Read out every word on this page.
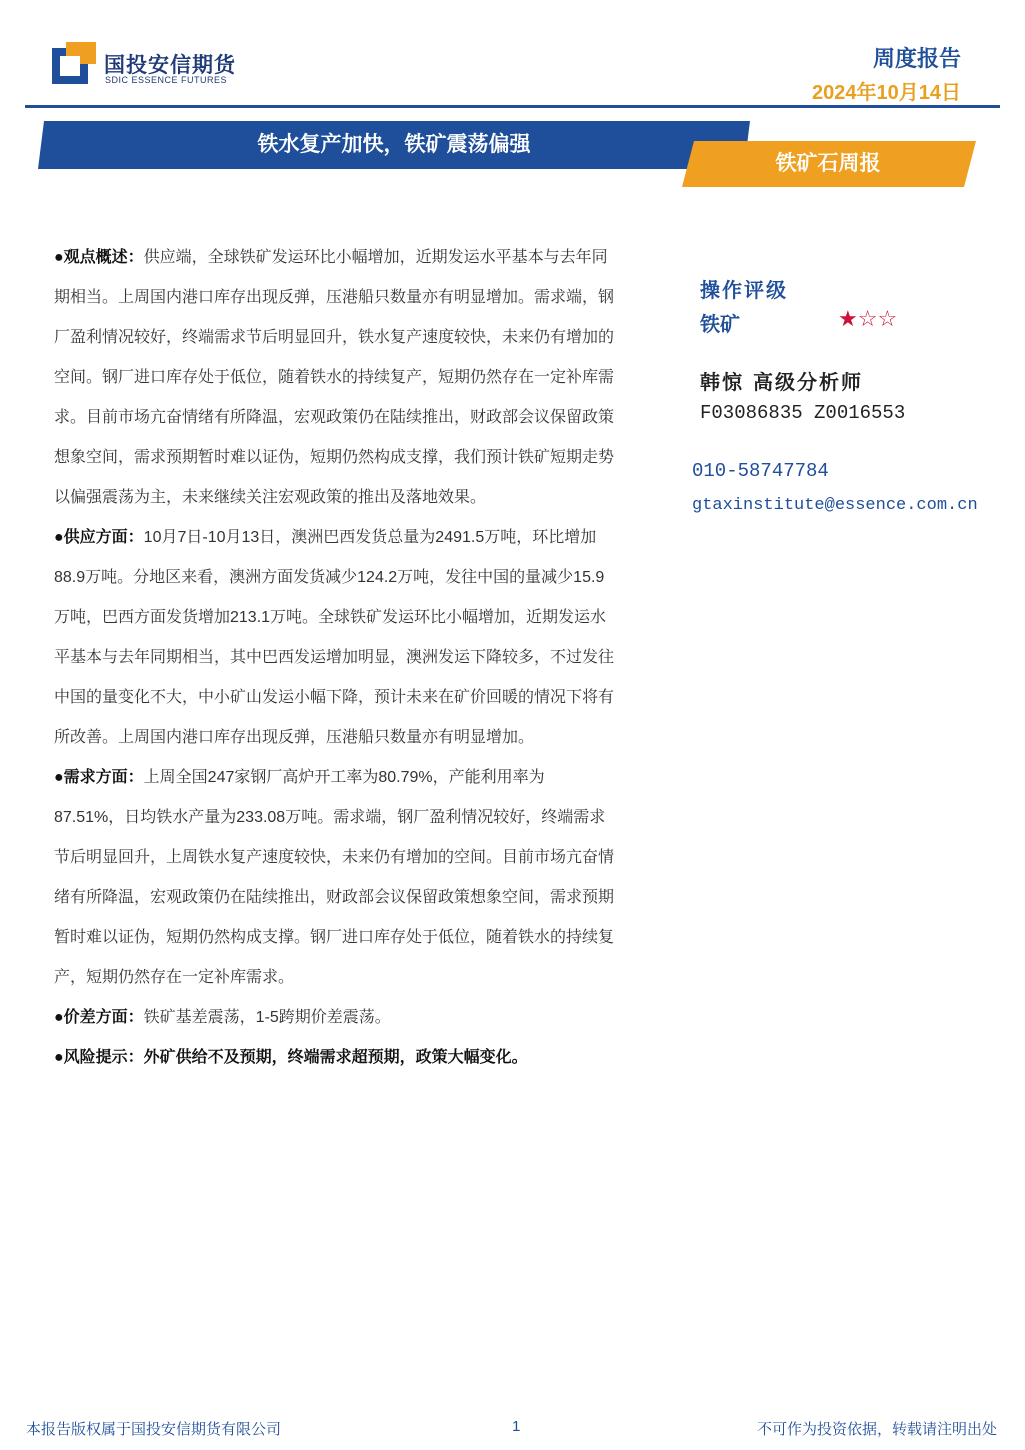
国投安信期货
SDIC ESSENCE FUTURES
周度报告
2024年10月14日
铁水复产加快，铁矿震荡偏强
铁矿石周报

●观点概述：供应端，全球铁矿发运环比小幅增加，近期发运水平基本与去年同期相当。上周国内港口库存出现反弹，压港船只数量亦有明显增加。需求端，钢厂盈利情况较好，终端需求节后明显回升，铁水复产速度较快，未来仍有增加的空间。钢厂进口库存处于低位，随着铁水的持续复产，短期仍然存在一定补库需求。目前市场亢奋情绪有所降温，宏观政策仍在陆续推出，财政部会议保留政策想象空间，需求预期暂时难以证伪，短期仍然构成支撑，我们预计铁矿短期走势以偏强震荡为主，未来继续关注宏观政策的推出及落地效果。

●供应方面：10月7日-10月13日，澳洲巴西发货总量为2491.5万吨，环比增加88.9万吨。分地区来看，澳洲方面发货减少124.2万吨，发往中国的量减少15.9万吨，巴西方面发货增加213.1万吨。全球铁矿发运环比小幅增加，近期发运水平基本与去年同期相当，其中巴西发运增加明显，澳洲发运下降较多，不过发往中国的量变化不大，中小矿山发运小幅下降，预计未来在矿价回暖的情况下将有所改善。上周国内港口库存出现反弹，压港船只数量亦有明显增加。

●需求方面：上周全国247家钢厂高炉开工率为80.79%，产能利用率为87.51%，日均铁水产量为233.08万吨。需求端，钢厂盈利情况较好，终端需求节后明显回升，上周铁水复产速度较快，未来仍有增加的空间。目前市场亢奋情绪有所降温，宏观政策仍在陆续推出，财政部会议保留政策想象空间，需求预期暂时难以证伪，短期仍然构成支撑。钢厂进口库存处于低位，随着铁水的持续复产，短期仍然存在一定补库需求。

●价差方面：铁矿基差震荡，1-5跨期价差震荡。

●风险提示：外矿供给不及预期，终端需求超预期，政策大幅变化。

操作评级
铁矿	★☆☆
韩惊 高级分析师
F03086835 Z0016553
010-58747784
gtaxinstitute@essence.com.cn
本报告版权属于国投安信期货有限公司	1	不可作为投资依据，转载请注明出处
